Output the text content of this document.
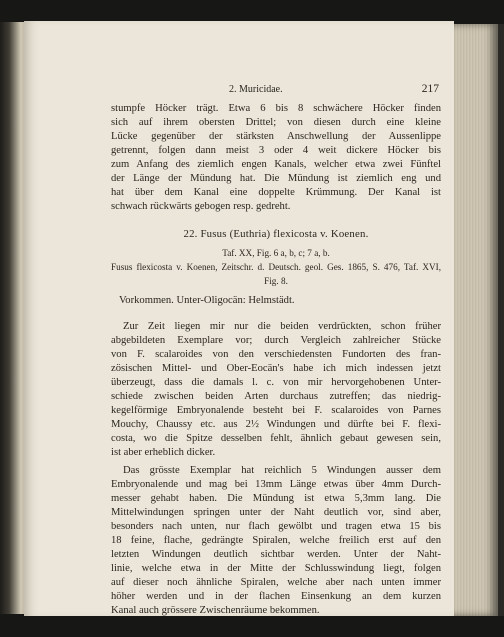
2. Muricidae.	217
stumpfe Höcker trägt. Etwa 6 bis 8 schwächere Höcker finden
sich auf ihrem obersten Drittel; von diesen durch eine kleine
Lücke gegenüber der stärksten Anschwellung der Aussenlippe
getrennt, folgen dann meist 3 oder 4 weit dickere Höcker bis
zum Anfang des ziemlich engen Kanals, welcher etwa zwei Fünftel
der Länge der Mündung hat. Die Mündung ist ziemlich eng und
hat über dem Kanal eine doppelte Krümmung. Der Kanal ist
schwach rückwärts gebogen resp. gedreht.
22. Fusus (Euthria) flexicosta v. Koenen.
Taf. XX, Fig. 6 a, b, c; 7 a, b.
Fusus flexicosta v. Koenen, Zeitschr. d. Deutsch. geol. Ges. 1865, S. 476, Taf. XVI,
Fig. 8.
Vorkommen. Unter-Oligocän: Helmstädt.
Zur Zeit liegen mir nur die beiden verdrückten, schon früher
abgebildeten Exemplare vor; durch Vergleich zahlreicher Stücke
von F. scalaroides von den verschiedensten Fundorten des fran-
zösischen Mittel- und Ober-Eocän's habe ich mich indessen jetzt
überzeugt, dass die damals l. c. von mir hervorgehobenen Unter-
schiede zwischen beiden Arten durchaus zutreffen; das niedrig-
kegelförmige Embryonalende besteht bei F. scalaroides von Parnes
Mouchy, Chaussy etc. aus 2½ Windungen und dürfte bei F. flexi-
costa, wo die Spitze desselben fehlt, ähnlich gebaut gewesen sein,
ist aber erheblich dicker.
Das grösste Exemplar hat reichlich 5 Windungen ausser dem
Embryonalende und mag bei 13mm Länge etwas über 4mm Durch-
messer gehabt haben. Die Mündung ist etwa 5,3mm lang. Die
Mittelwindungen springen unter der Naht deutlich vor, sind aber,
besonders nach unten, nur flach gewölbt und tragen etwa 15 bis
18 feine, flache, gedrängte Spiralen, welche freilich erst auf den
letzten Windungen deutlich sichtbar werden. Unter der Naht-
linie, welche etwa in der Mitte der Schlusswindung liegt, folgen
auf dieser noch ähnliche Spiralen, welche aber nach unten immer
höher werden und in der flachen Einsenkung an dem kurzen
Kanal auch grössere Zwischenräume bekommen.
